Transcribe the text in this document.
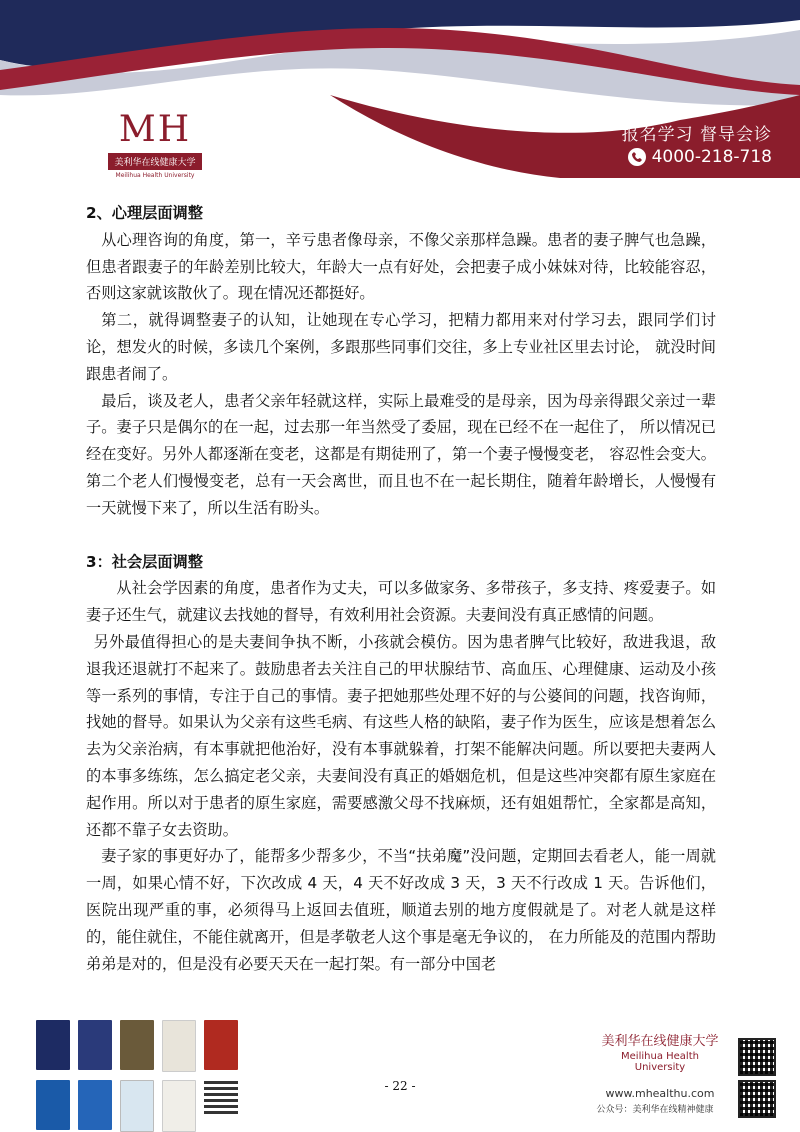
MH
美利华在线健康大学
Meilihua Health University
报名学习 督导会诊
4000-218-718
2、心理层面调整

从心理咨询的角度，第一，辛亏患者像母亲，不像父亲那样急躁。患者的妻子脾气也急躁，但患者跟妻子的年龄差别比较大，年龄大一点有好处，会把妻子成小妹妹对待，比较能容忍，否则这家就该散伙了。现在情况还都挺好。

第二，就得调整妻子的认知，让她现在专心学习，把精力都用来对付学习去，跟同学们讨论，想发火的时候，多读几个案例，多跟那些同事们交往，多上专业社区里去讨论， 就没时间跟患者闹了。

最后，谈及老人，患者父亲年轻就这样，实际上最难受的是母亲，因为母亲得跟父亲过一辈子。妻子只是偶尔的在一起，过去那一年当然受了委屈，现在已经不在一起住了， 所以情况已经在变好。另外人都逐渐在变老，这都是有期徒刑了，第一个妻子慢慢变老， 容忍性会变大。第二个老人们慢慢变老，总有一天会离世，而且也不在一起长期住，随着年龄增长，人慢慢有一天就慢下来了，所以生活有盼头。

3：社会层面调整

从社会学因素的角度，患者作为丈夫，可以多做家务、多带孩子，多支持、疼爱妻子。如妻子还生气，就建议去找她的督导，有效利用社会资源。夫妻间没有真正感情的问题。

另外最值得担心的是夫妻间争执不断，小孩就会模仿。因为患者脾气比较好，敌进我退，敌退我还退就打不起来了。鼓励患者去关注自己的甲状腺结节、高血压、心理健康、运动及小孩等一系列的事情，专注于自己的事情。妻子把她那些处理不好的与公婆间的问题，找咨询师，找她的督导。如果认为父亲有这些毛病、有这些人格的缺陷，妻子作为医生，应该是想着怎么去为父亲治病，有本事就把他治好，没有本事就躲着，打架不能解决问题。所以要把夫妻两人的本事多练练，怎么搞定老父亲，夫妻间没有真正的婚姻危机，但是这些冲突都有原生家庭在起作用。所以对于患者的原生家庭，需要感激父母不找麻烦，还有姐姐帮忙，全家都是高知，还都不靠子女去资助。

妻子家的事更好办了，能帮多少帮多少，不当“扶弟魔”没问题，定期回去看老人，能一周就一周，如果心情不好，下次改成 4 天，4 天不好改成 3 天，3 天不行改成 1 天。告诉他们，医院出现严重的事，必须得马上返回去值班，顺道去别的地方度假就是了。对老人就是这样的，能住就住，不能住就离开，但是孝敬老人这个事是毫无争议的， 在力所能及的范围内帮助弟弟是对的，但是没有必要天天在一起打架。有一部分中国老

- 22 -
美利华在线健康大学
Meilihua Health University
www.mhealthu.com
公众号：美利华在线精神健康
